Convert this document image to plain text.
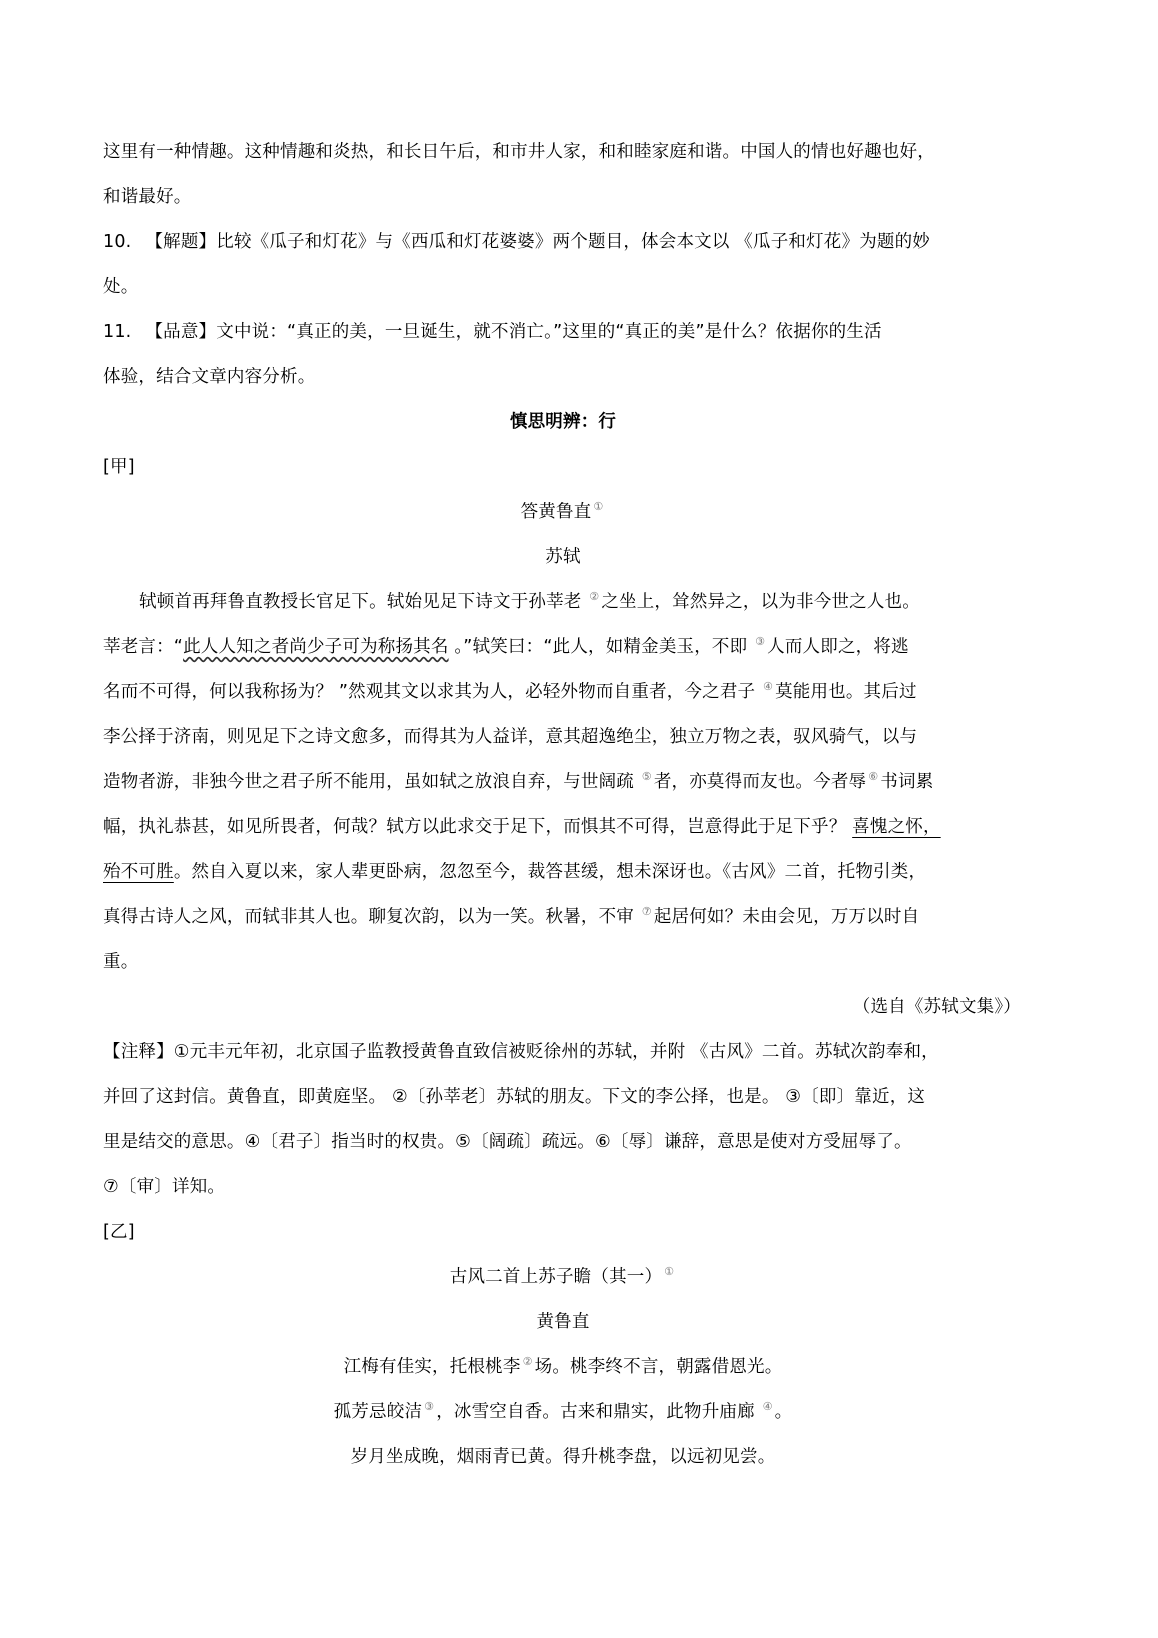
这里有一种情趣。这种情趣和炎热，和长日午后，和市井人家，和和睦家庭和谐。中国人的情也好趣也好，
和谐最好。
10. 【解题】比较《瓜子和灯花》与《西瓜和灯花婆婆》两个题目，体会本文以 《瓜子和灯花》为题的妙
处。
11. 【品意】文中说：“真正的美，一旦诞生，就不消亡。”这里的“真正的美”是什么？依据你的生活
体验，结合文章内容分析。
慎思明辨：行
[甲]
答黄鲁直 ①
苏轼
轼顿首再拜鲁直教授长官足下。轼始见足下诗文于孙莘老 ② 之坐上，耸然异之，以为非今世之人也。
莘老言：“此人人知之者尚少子可为称扬其名 。”轼笑曰：“此人，如精金美玉，不即 ③ 人而人即之，将逃
名而不可得，何以我称扬为？ ”然观其文以求其为人，必轻外物而自重者，今之君子 ④ 莫能用也。其后过
李公择于济南，则见足下之诗文愈多，而得其为人益详，意其超逸绝尘，独立万物之表，驭风骑气，以与
造物者游，非独今世之君子所不能用，虽如轼之放浪自弃，与世阔疏 ⑤ 者，亦莫得而友也。今者辱 ⑥ 书词累
幅，执礼恭甚，如见所畏者，何哉？轼方以此求交于足下，而惧其不可得，岂意得此于足下乎？ 喜愧之怀，
殆不可胜。然自入夏以来，家人辈更卧病，忽忽至今，裁答甚缓，想未深讶也。《古风》二首，托物引类，
真得古诗人之风，而轼非其人也。聊复次韵，以为一笑。秋暑，不审 ⑦ 起居何如？未由会见，万万以时自
重。
（选自《苏轼文集》）
【注释】①元丰元年初，北京国子监教授黄鲁直致信被贬徐州的苏轼，并附 《古风》二首。苏轼次韵奉和，
并回了这封信。黄鲁直，即黄庭坚。 ②〔孙莘老〕苏轼的朋友。下文的李公择，也是。 ③〔即〕靠近，这
里是结交的意思。④〔君子〕指当时的权贵。⑤〔阔疏〕疏远。⑥〔辱〕谦辞，意思是使对方受屈辱了。
⑦〔审〕详知。
[乙]
古风二首上苏子瞻（其一） ①
黄鲁直
江梅有佳实，托根桃李 ② 场。桃李终不言，朝露借恩光。
孤芳忌皎洁 ③ ，冰雪空自香。古来和鼎实，此物升庙廊 ④ 。
岁月坐成晚，烟雨青已黄。得升桃李盘，以远初见尝。
